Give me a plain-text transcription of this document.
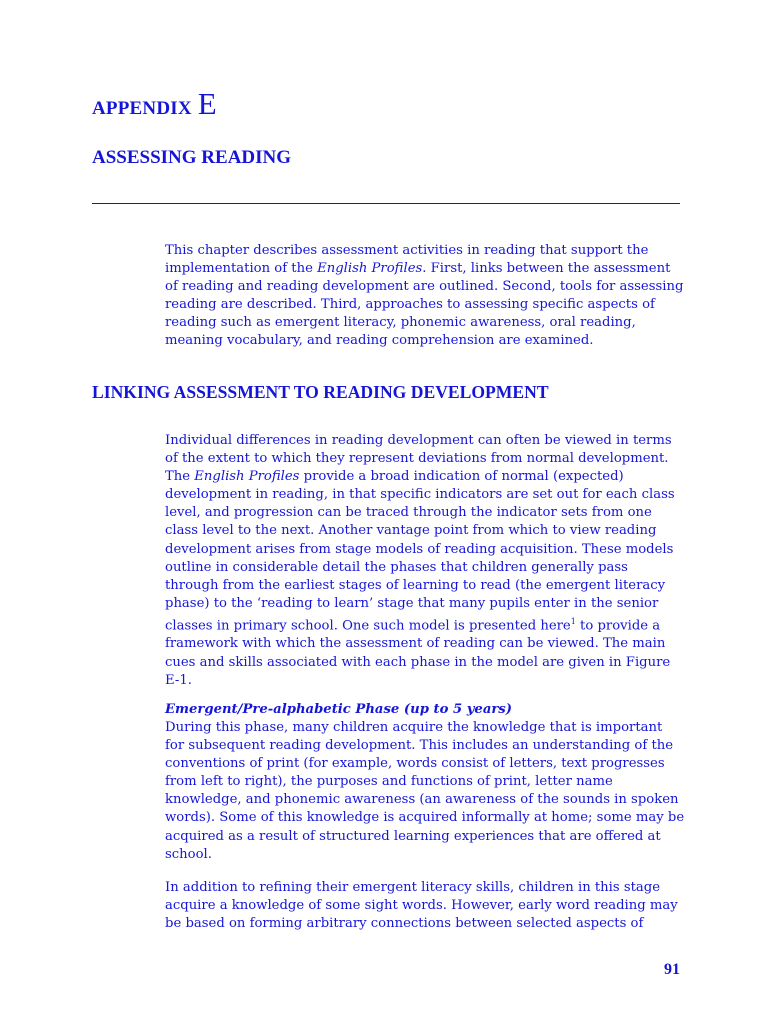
APPENDIX E
ASSESSING READING

This chapter describes assessment activities in reading that support the implementation of the English Profiles. First, links between the assessment of reading and reading development are outlined. Second, tools for assessing reading are described. Third, approaches to assessing specific aspects of reading such as emergent literacy, phonemic awareness, oral reading, meaning vocabulary, and reading comprehension are examined.

LINKING ASSESSMENT TO READING DEVELOPMENT

Individual differences in reading development can often be viewed in terms of the extent to which they represent deviations from normal development. The English Profiles provide a broad indication of normal (expected) development in reading, in that specific indicators are set out for each class level, and progression can be traced through the indicator sets from one class level to the next. Another vantage point from which to view reading development arises from stage models of reading acquisition. These models outline in considerable detail the phases that children generally pass through from the earliest stages of learning to read (the emergent literacy phase) to the ‘reading to learn’ stage that many pupils enter in the senior classes in primary school. One such model is presented here$^1$ to provide a framework with which the assessment of reading can be viewed. The main cues and skills associated with each phase in the model are given in Figure E-1.

Emergent/Pre-alphabetic Phase (up to 5 years)

During this phase, many children acquire the knowledge that is important for subsequent reading development. This includes an understanding of the conventions of print (for example, words consist of letters, text progresses from left to right), the purposes and functions of print, letter name knowledge, and phonemic awareness (an awareness of the sounds in spoken words). Some of this knowledge is acquired informally at home; some may be acquired as a result of structured learning experiences that are offered at school.

In addition to refining their emergent literacy skills, children in this stage acquire a knowledge of some sight words. However, early word reading may be based on forming arbitrary connections between selected aspects of

91
